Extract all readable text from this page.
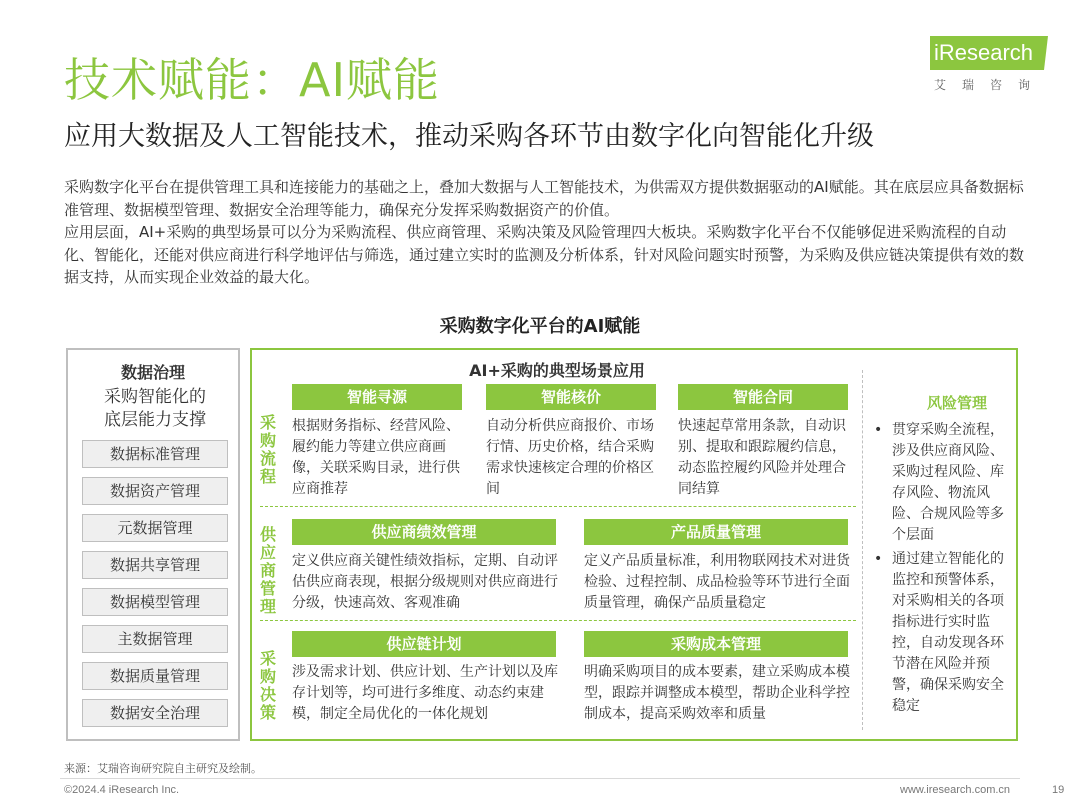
技术赋能：AI赋能
应用大数据及人工智能技术，推动采购各环节由数字化向智能化升级
iResearch
艾瑞咨询

采购数字化平台在提供管理工具和连接能力的基础之上，叠加大数据与人工智能技术，为供需双方提供数据驱动的AI赋能。其在底层应具备数据标准管理、数据模型管理、数据安全治理等能力，确保充分发挥采购数据资产的价值。

应用层面，AI+采购的典型场景可以分为采购流程、供应商管理、采购决策及风险管理四大板块。采购数字化平台不仅能够促进采购流程的自动化、智能化，还能对供应商进行科学地评估与筛选，通过建立实时的监测及分析体系，针对风险问题实时预警，为采购及供应链决策提供有效的数据支持，从而实现企业效益的最大化。

采购数字化平台的AI赋能
数据治理
采购智能化的底层能力支撑
数据标准管理
数据资产管理
元数据管理
数据共享管理
数据模型管理
主数据管理
数据质量管理
数据安全治理
AI+采购的典型场景应用
采购流程
智能寻源
根据财务指标、经营风险、履约能力等建立供应商画像，关联采购目录，进行供应商推荐
智能核价
自动分析供应商报价、市场行情、历史价格，结合采购需求快速核定合理的价格区间
智能合同
快速起草常用条款，自动识别、提取和跟踪履约信息，动态监控履约风险并处理合同结算
供应商管理
供应商绩效管理
定义供应商关键性绩效指标，定期、自动评估供应商表现，根据分级规则对供应商进行分级，快速高效、客观准确
产品质量管理
定义产品质量标准，利用物联网技术对进货检验、过程控制、成品检验等环节进行全面质量管理，确保产品质量稳定
采购决策
供应链计划
涉及需求计划、供应计划、生产计划以及库存计划等，均可进行多维度、动态约束建模，制定全局优化的一体化规划
采购成本管理
明确采购项目的成本要素，建立采购成本模型，跟踪并调整成本模型，帮助企业科学控制成本，提高采购效率和质量
风险管理
• 贯穿采购全流程，涉及供应商风险、采购过程风险、库存风险、物流风险、合规风险等多个层面
• 通过建立智能化的监控和预警体系，对采购相关的各项指标进行实时监控，自动发现各环节潜在风险并预警，确保采购安全稳定
来源：艾瑞咨询研究院自主研究及绘制。
©2024.4 iResearch Inc.	www.iresearch.com.cn	19
